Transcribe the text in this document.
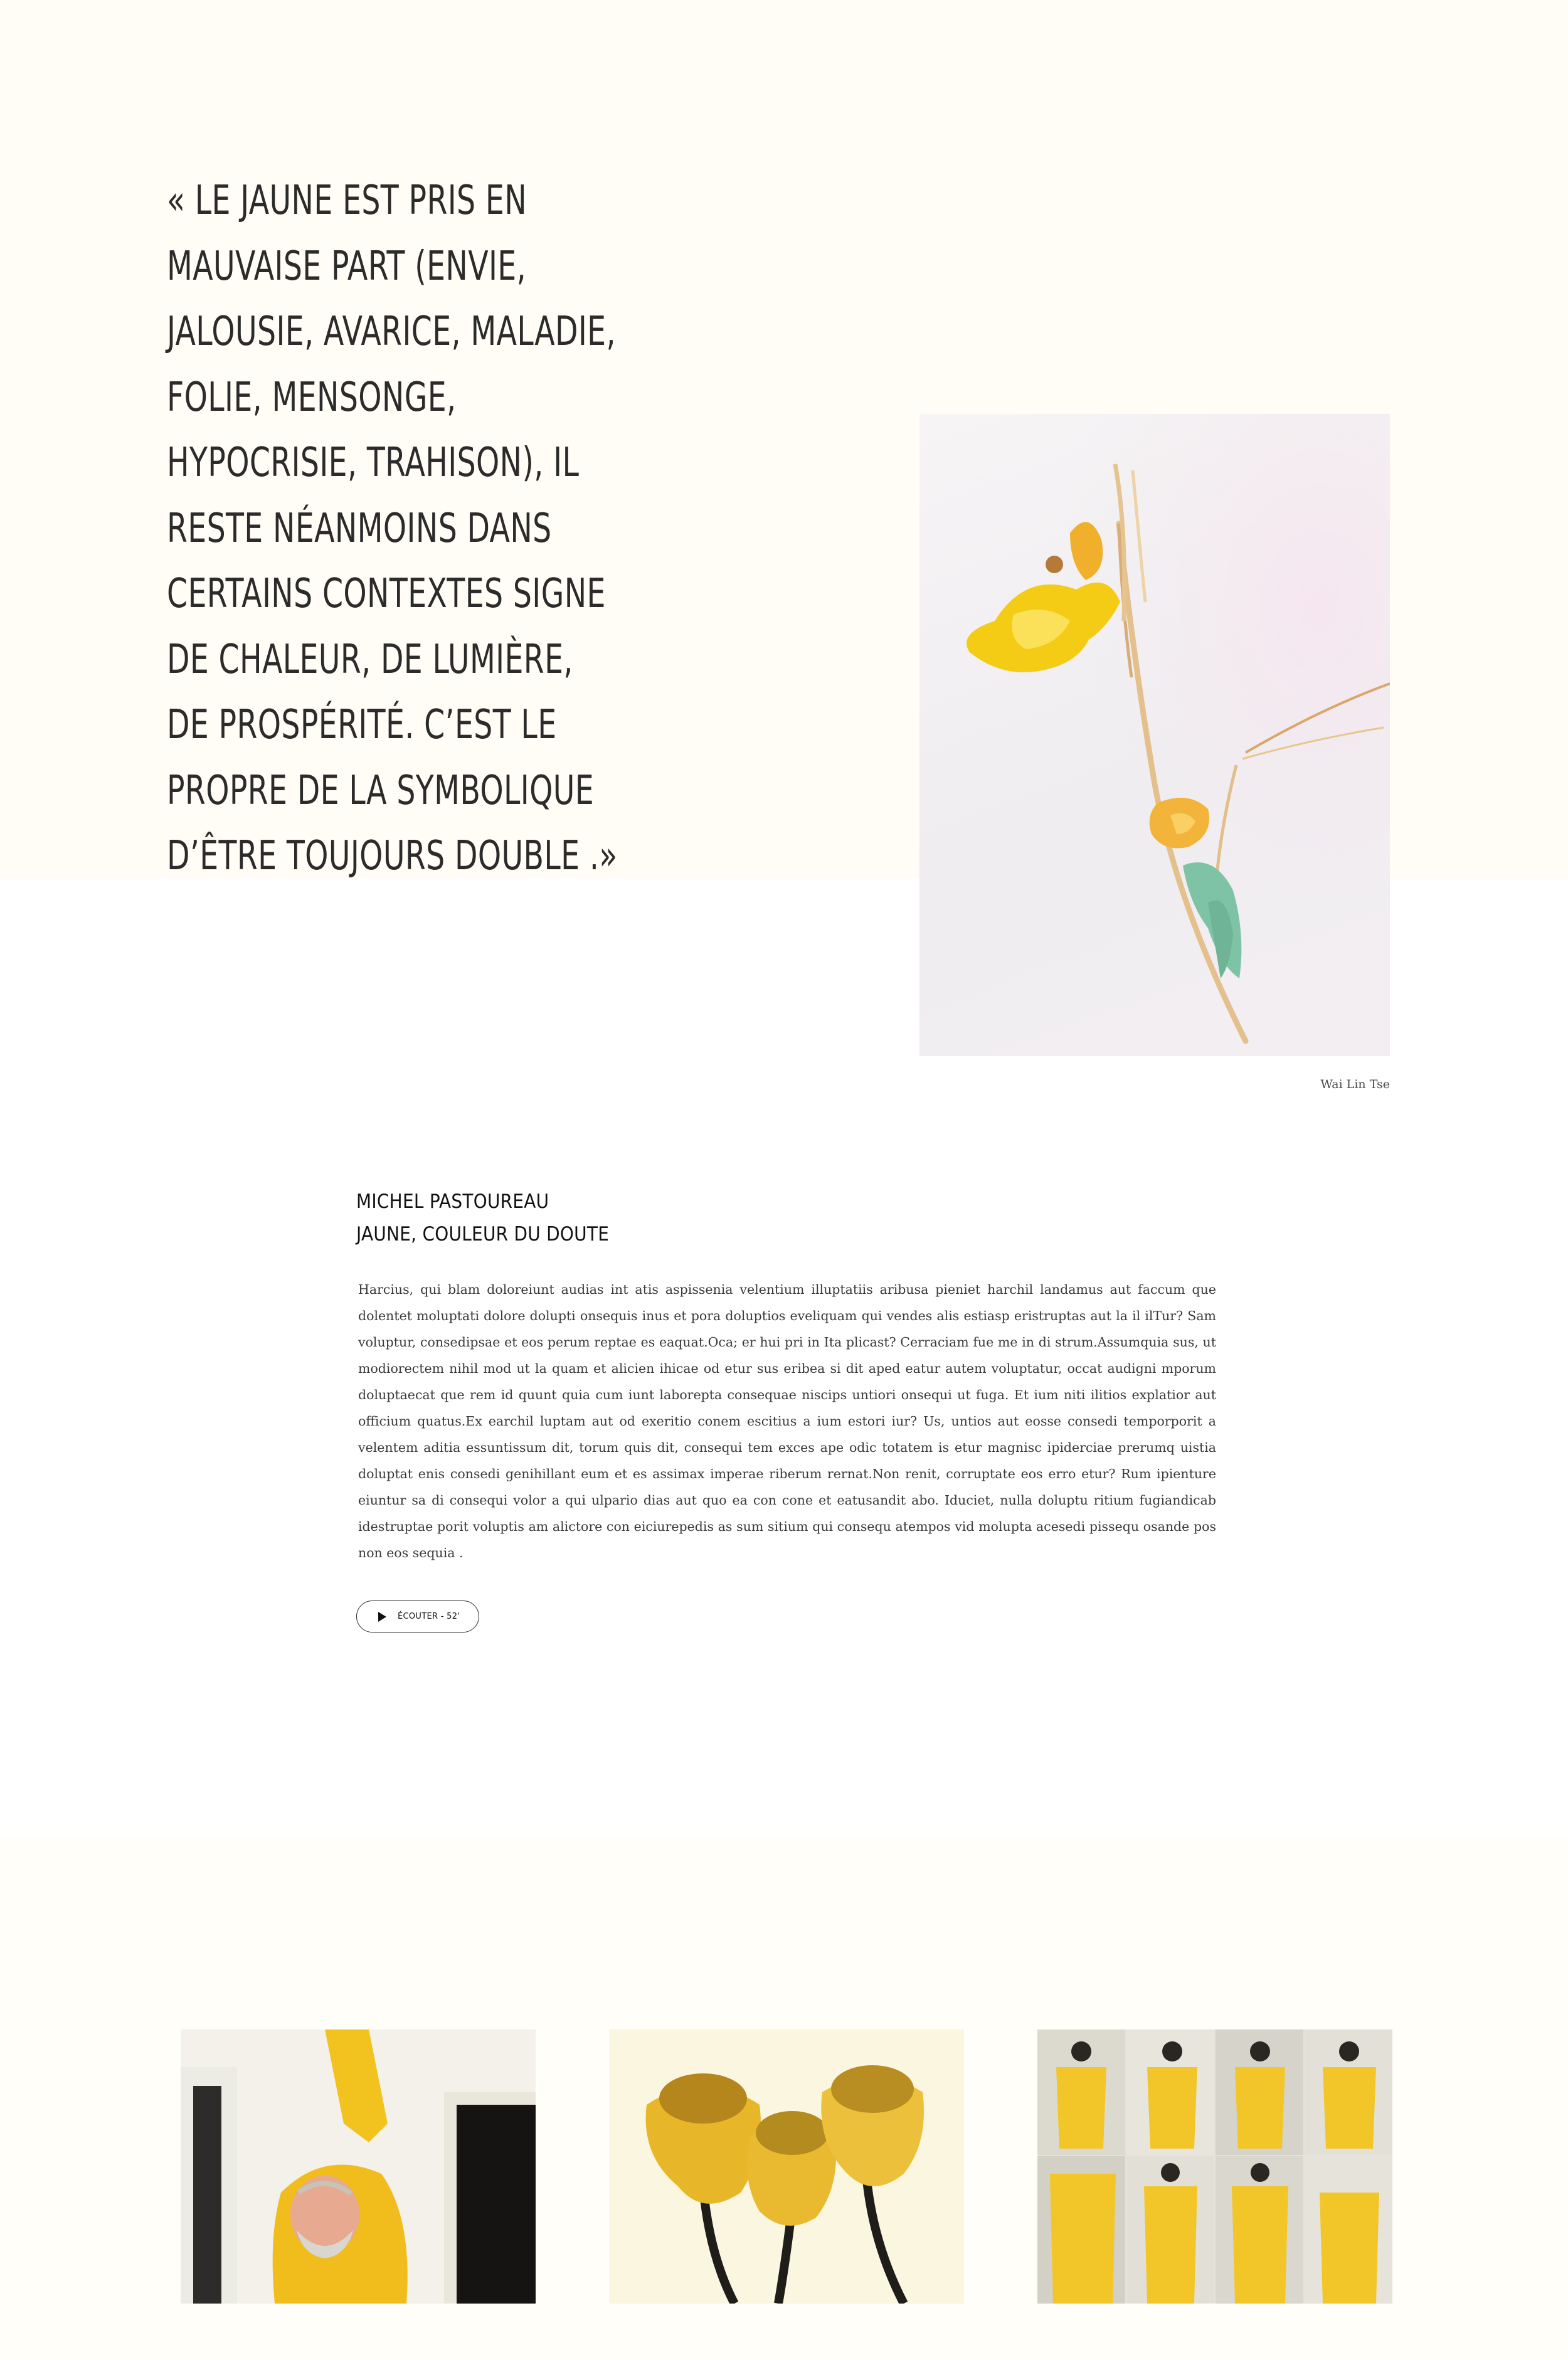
« LE JAUNE EST PRIS EN MAUVAISE PART (ENVIE, JALOUSIE, AVARICE, MALADIE, FOLIE, MENSONGE, HYPOCRISIE, TRAHISON), IL RESTE NÉANMOINS DANS CERTAINS CONTEXTES SIGNE DE CHALEUR, DE LUMIÈRE, DE PROSPÉRITÉ. C’EST LE PROPRE DE LA SYMBOLIQUE D’ÊTRE TOUJOURS DOUBLE .»

Wai Lin Tse
MICHEL PASTOUREAU
JAUNE, COULEUR DU DOUTE

Harcius, qui blam doloreiunt audias int atis aspissenia velentium illuptatiis aribusa pieniet harchil landamus aut faccum que dolentet moluptati dolore dolupti onsequis inus et pora doluptios eveliquam qui vendes alis estiasp eristruptas aut la il ilTur? Sam voluptur, consedipsae et eos perum reptae es eaquat.Oca; er hui pri in Ita plicast? Cerraciam fue me in di strum.Assumquia sus, ut modiorectem nihil mod ut la quam et alicien ihicae od etur sus eribea si dit aped eatur autem voluptatur, occat audigni mporum doluptaecat que rem id quunt quia cum iunt laborepta consequae niscips untiori onsequi ut fuga. Et ium niti ilitios explatior aut officium quatus.Ex earchil luptam aut od exeritio conem escitius a ium estori iur? Us, untios aut eosse consedi temporporit a velentem aditia essuntissum dit, torum quis dit, consequi tem exces ape odic totatem is etur magnisc ipiderciae prerumq uistia doluptat enis consedi genihillant eum et es assimax imperae riberum rernat.Non renit, corruptate eos erro etur? Rum ipienture eiuntur sa di consequi volor a qui ulpario dias aut quo ea con cone et eatusandit abo. Iduciet, nulla doluptu ritium fugiandicab idestruptae porit voluptis am alictore con eiciurepedis as sum sitium qui consequ atempos vid molupta acesedi pissequ osande pos non eos sequia .

ÉCOUTER - 52'
